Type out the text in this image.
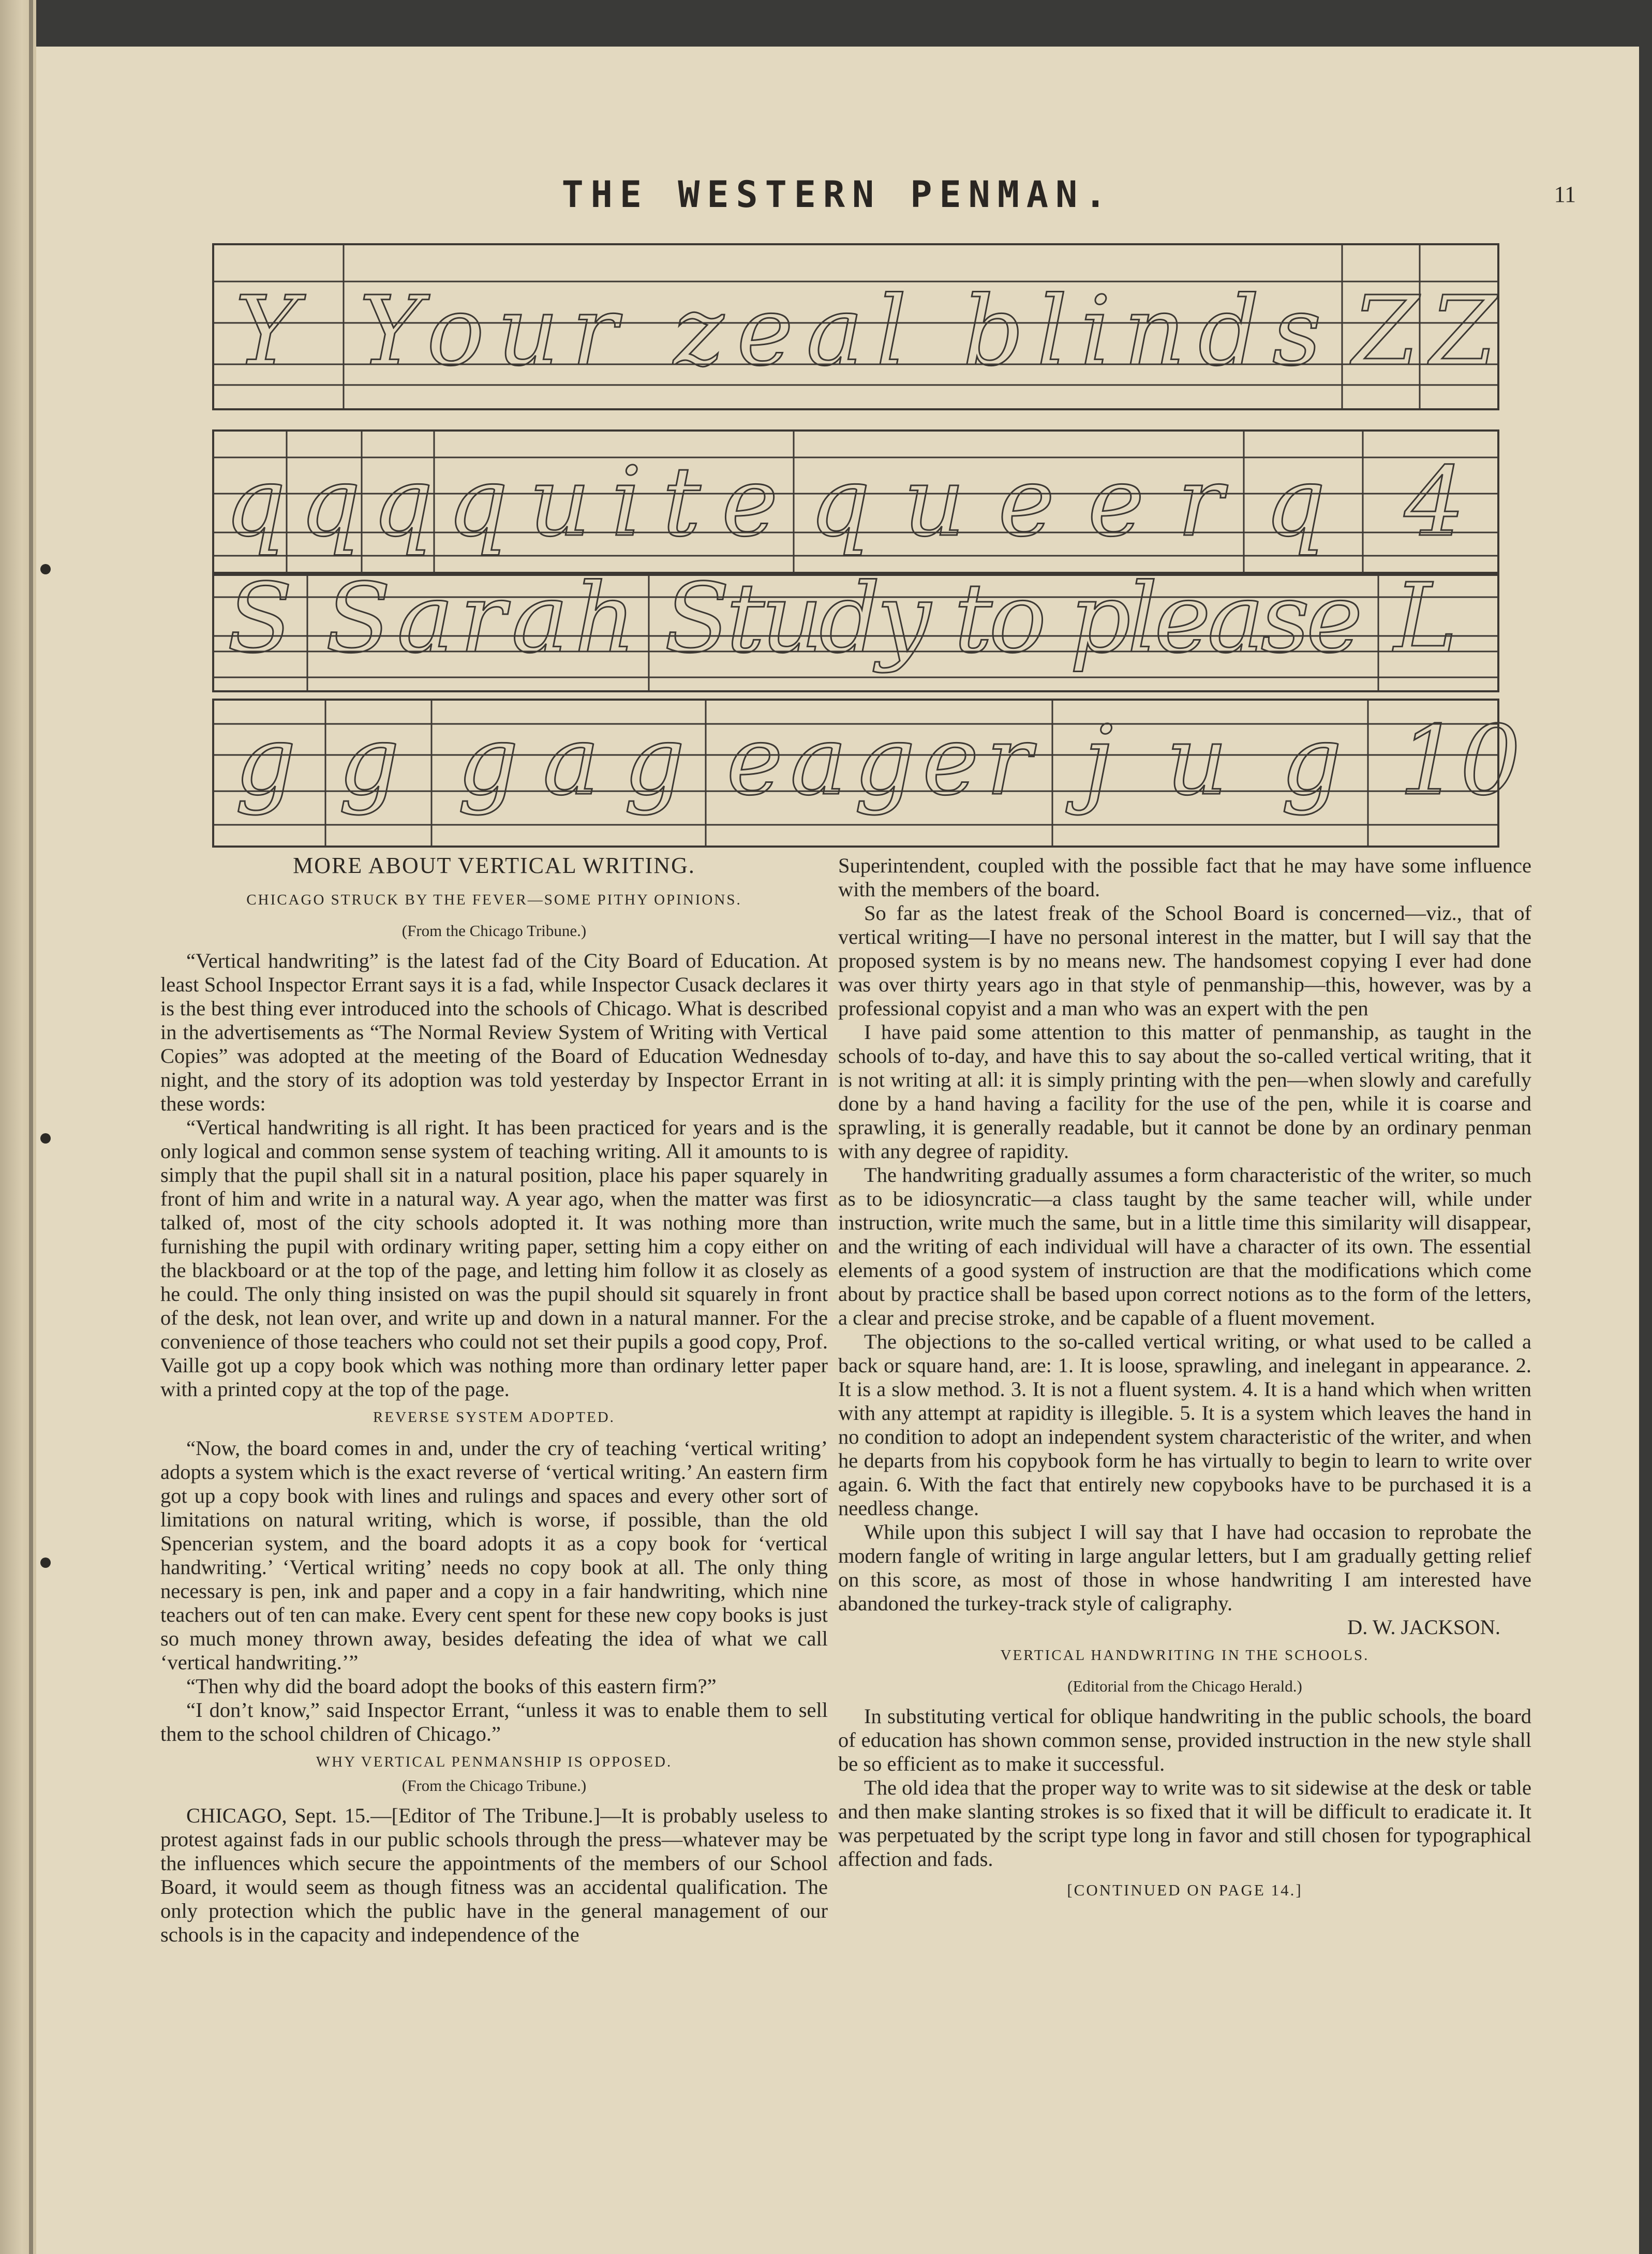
THE WESTERN PENMAN.	11
Y Your zeal blinds Z Z
q q q quite queer q 4
S Sarah Study to please L
g g gag eager jug 10
MORE ABOUT VERTICAL WRITING.
CHICAGO STRUCK BY THE FEVER—SOME PITHY OPINIONS.
(From the Chicago Tribune.)

“Vertical handwriting” is the latest fad of the City Board of Education. At least School Inspector Errant says it is a fad, while Inspector Cusack declares it is the best thing ever introduced into the schools of Chicago. What is described in the advertisements as “The Normal Review System of Writing with Vertical Copies” was adopted at the meeting of the Board of Education Wednesday night, and the story of its adoption was told yesterday by Inspector Errant in these words:

“Vertical handwriting is all right. It has been practiced for years and is the only logical and common sense system of teaching writing. All it amounts to is simply that the pupil shall sit in a natural position, place his paper squarely in front of him and write in a natural way. A year ago, when the matter was first talked of, most of the city schools adopted it. It was nothing more than furnishing the pupil with ordinary writing paper, setting him a copy either on the blackboard or at the top of the page, and letting him follow it as closely as he could. The only thing insisted on was the pupil should sit squarely in front of the desk, not lean over, and write up and down in a natural manner. For the convenience of those teachers who could not set their pupils a good copy, Prof. Vaille got up a copy book which was nothing more than ordinary letter paper with a printed copy at the top of the page.

REVERSE SYSTEM ADOPTED.

“Now, the board comes in and, under the cry of teaching ‘vertical writing’ adopts a system which is the exact reverse of ‘vertical writing.’ An eastern firm got up a copy book with lines and rulings and spaces and every other sort of limitations on natural writing, which is worse, if possible, than the old Spencerian system, and the board adopts it as a copy book for ‘vertical handwriting.’ ‘Vertical writing’ needs no copy book at all. The only thing necessary is pen, ink and paper and a copy in a fair handwriting, which nine teachers out of ten can make. Every cent spent for these new copy books is just so much money thrown away, besides defeating the idea of what we call ‘vertical handwriting.’”

“Then why did the board adopt the books of this eastern firm?”

“I don’t know,” said Inspector Errant, “unless it was to enable them to sell them to the school children of Chicago.”

WHY VERTICAL PENMANSHIP IS OPPOSED.
(From the Chicago Tribune.)

CHICAGO, Sept. 15.—[Editor of The Tribune.]—It is probably useless to protest against fads in our public schools through the press—whatever may be the influences which secure the appointments of the members of our School Board, it would seem as though fitness was an accidental qualification. The only protection which the public have in the general management of our schools is in the capacity and independence of the

Superintendent, coupled with the possible fact that he may have some influence with the members of the board.

So far as the latest freak of the School Board is concerned—viz., that of vertical writing—I have no personal interest in the matter, but I will say that the proposed system is by no means new. The handsomest copying I ever had done was over thirty years ago in that style of penmanship—this, however, was by a professional copyist and a man who was an expert with the pen

I have paid some attention to this matter of penmanship, as taught in the schools of to-day, and have this to say about the so-called vertical writing, that it is not writing at all: it is simply printing with the pen—when slowly and carefully done by a hand having a facility for the use of the pen, while it is coarse and sprawling, it is generally readable, but it cannot be done by an ordinary penman with any degree of rapidity.

The handwriting gradually assumes a form characteristic of the writer, so much as to be idiosyncratic—a class taught by the same teacher will, while under instruction, write much the same, but in a little time this similarity will disappear, and the writing of each individual will have a character of its own. The essential elements of a good system of instruction are that the modifications which come about by practice shall be based upon correct notions as to the form of the letters, a clear and precise stroke, and be capable of a fluent movement.

The objections to the so-called vertical writing, or what used to be called a back or square hand, are: 1. It is loose, sprawling, and inelegant in appearance. 2. It is a slow method. 3. It is not a fluent system. 4. It is a hand which when written with any attempt at rapidity is illegible. 5. It is a system which leaves the hand in no condition to adopt an independent system characteristic of the writer, and when he departs from his copybook form he has virtually to begin to learn to write over again. 6. With the fact that entirely new copybooks have to be purchased it is a needless change.

While upon this subject I will say that I have had occasion to reprobate the modern fangle of writing in large angular letters, but I am gradually getting relief on this score, as most of those in whose handwriting I am interested have abandoned the turkey-track style of caligraphy.

D. W. JACKSON.
VERTICAL HANDWRITING IN THE SCHOOLS.
(Editorial from the Chicago Herald.)

In substituting vertical for oblique handwriting in the public schools, the board of education has shown common sense, provided instruction in the new style shall be so efficient as to make it successful.

The old idea that the proper way to write was to sit sidewise at the desk or table and then make slanting strokes is so fixed that it will be difficult to eradicate it. It was perpetuated by the script type long in favor and still chosen for typographical affection and fads.

[CONTINUED ON PAGE 14.]
